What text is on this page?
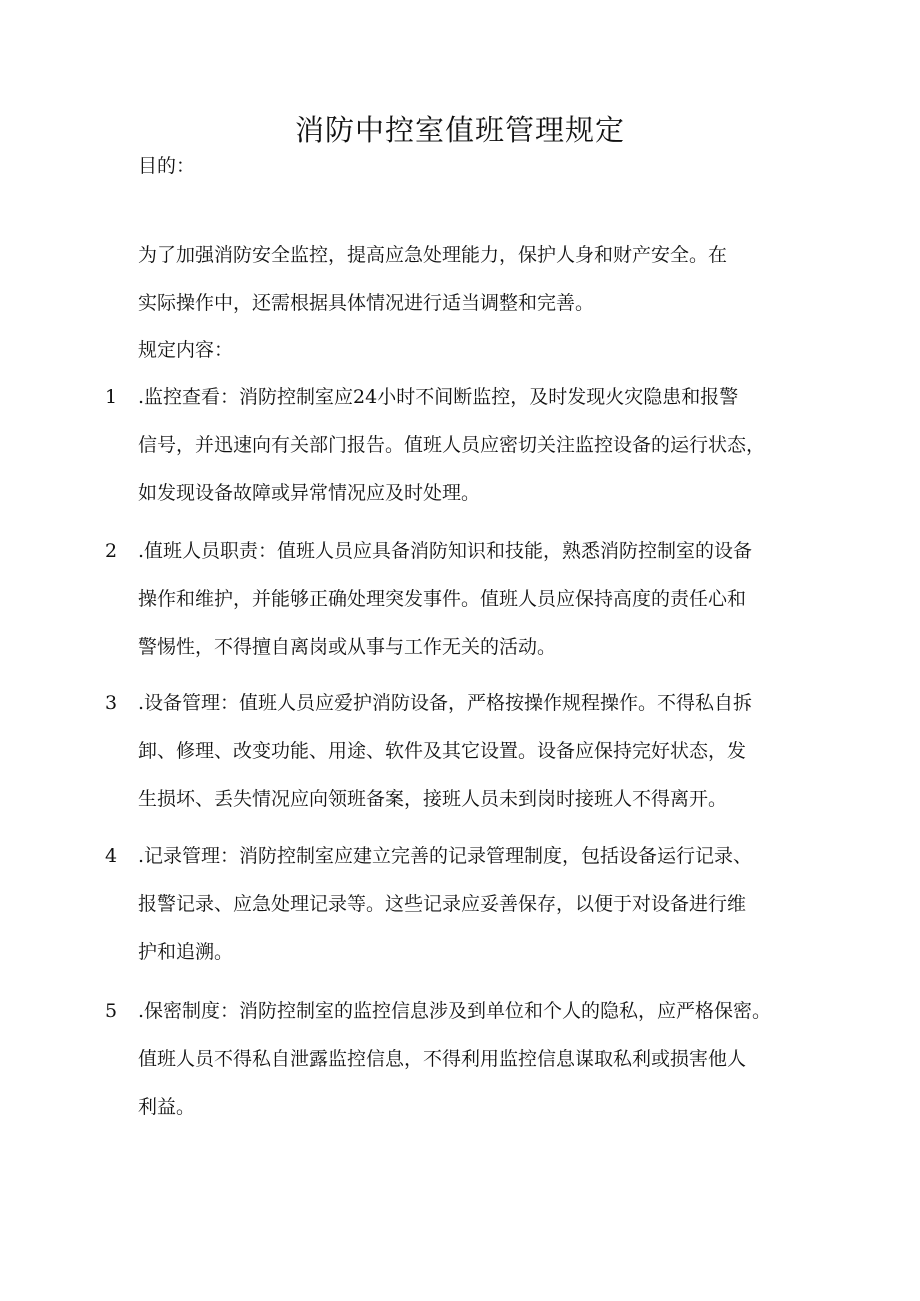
消防中控室值班管理规定
目的：

为了加强消防安全监控，提高应急处理能力，保护人身和财产安全。在
实际操作中，还需根据具体情况进行适当调整和完善。

规定内容：
1	.监控查看：消防控制室应24小时不间断监控，及时发现火灾隐患和报警
信号，并迅速向有关部门报告。值班人员应密切关注监控设备的运行状态，
如发现设备故障或异常情况应及时处理。
2	.值班人员职责：值班人员应具备消防知识和技能，熟悉消防控制室的设备
操作和维护，并能够正确处理突发事件。值班人员应保持高度的责任心和
警惕性，不得擅自离岗或从事与工作无关的活动。
3	.设备管理：值班人员应爱护消防设备，严格按操作规程操作。不得私自拆
卸、修理、改变功能、用途、软件及其它设置。设备应保持完好状态，发
生损坏、丢失情况应向领班备案，接班人员未到岗时接班人不得离开。
4	.记录管理：消防控制室应建立完善的记录管理制度，包括设备运行记录、
报警记录、应急处理记录等。这些记录应妥善保存，以便于对设备进行维
护和追溯。
5	.保密制度：消防控制室的监控信息涉及到单位和个人的隐私，应严格保密。
值班人员不得私自泄露监控信息，不得利用监控信息谋取私利或损害他人
利益。
